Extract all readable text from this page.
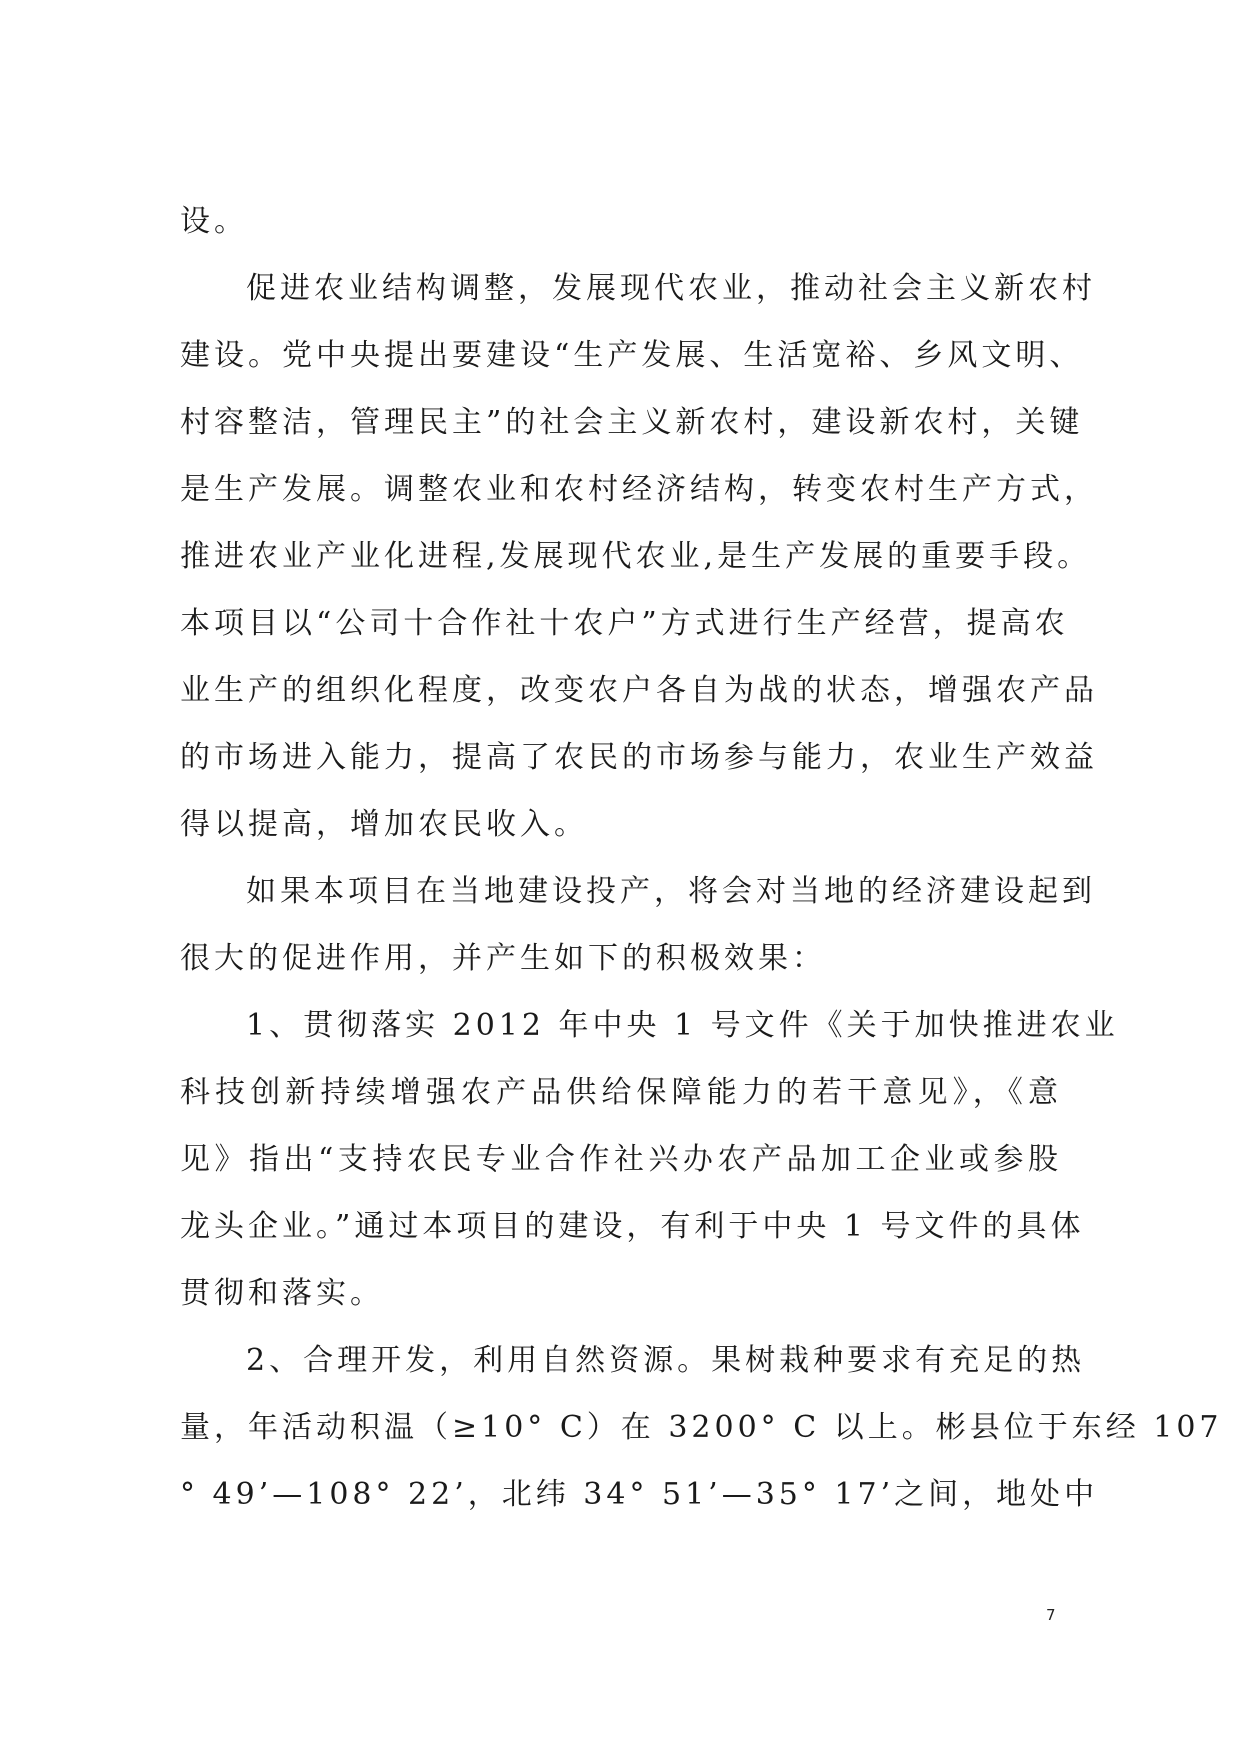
设。
促进农业结构调整，发展现代农业，推动社会主义新农村
建设。党中央提出要建设“生产发展、生活宽裕、乡风文明、
村容整洁，管理民主”的社会主义新农村，建设新农村，关键
是生产发展。调整农业和农村经济结构，转变农村生产方式，
推进农业产业化进程,发展现代农业,是生产发展的重要手段。
本项目以“公司十合作社十农户”方式进行生产经营，提高农
业生产的组织化程度，改变农户各自为战的状态，增强农产品
的市场进入能力，提高了农民的市场参与能力，农业生产效益
得以提高，增加农民收入。
如果本项目在当地建设投产，将会对当地的经济建设起到
很大的促进作用，并产生如下的积极效果：
1、贯彻落实 2012 年中央 1 号文件《关于加快推进农业
科技创新持续增强农产品供给保障能力的若干意见》，《意
见》指出“支持农民专业合作社兴办农产品加工企业或参股
龙头企业。”通过本项目的建设，有利于中央 1 号文件的具体
贯彻和落实。
2、合理开发，利用自然资源。果树栽种要求有充足的热
量，年活动积温（≥10° C）在 3200° C 以上。彬县位于东经 107
° 49’—108° 22’，北纬 34° 51’—35° 17’之间，地处中
7
